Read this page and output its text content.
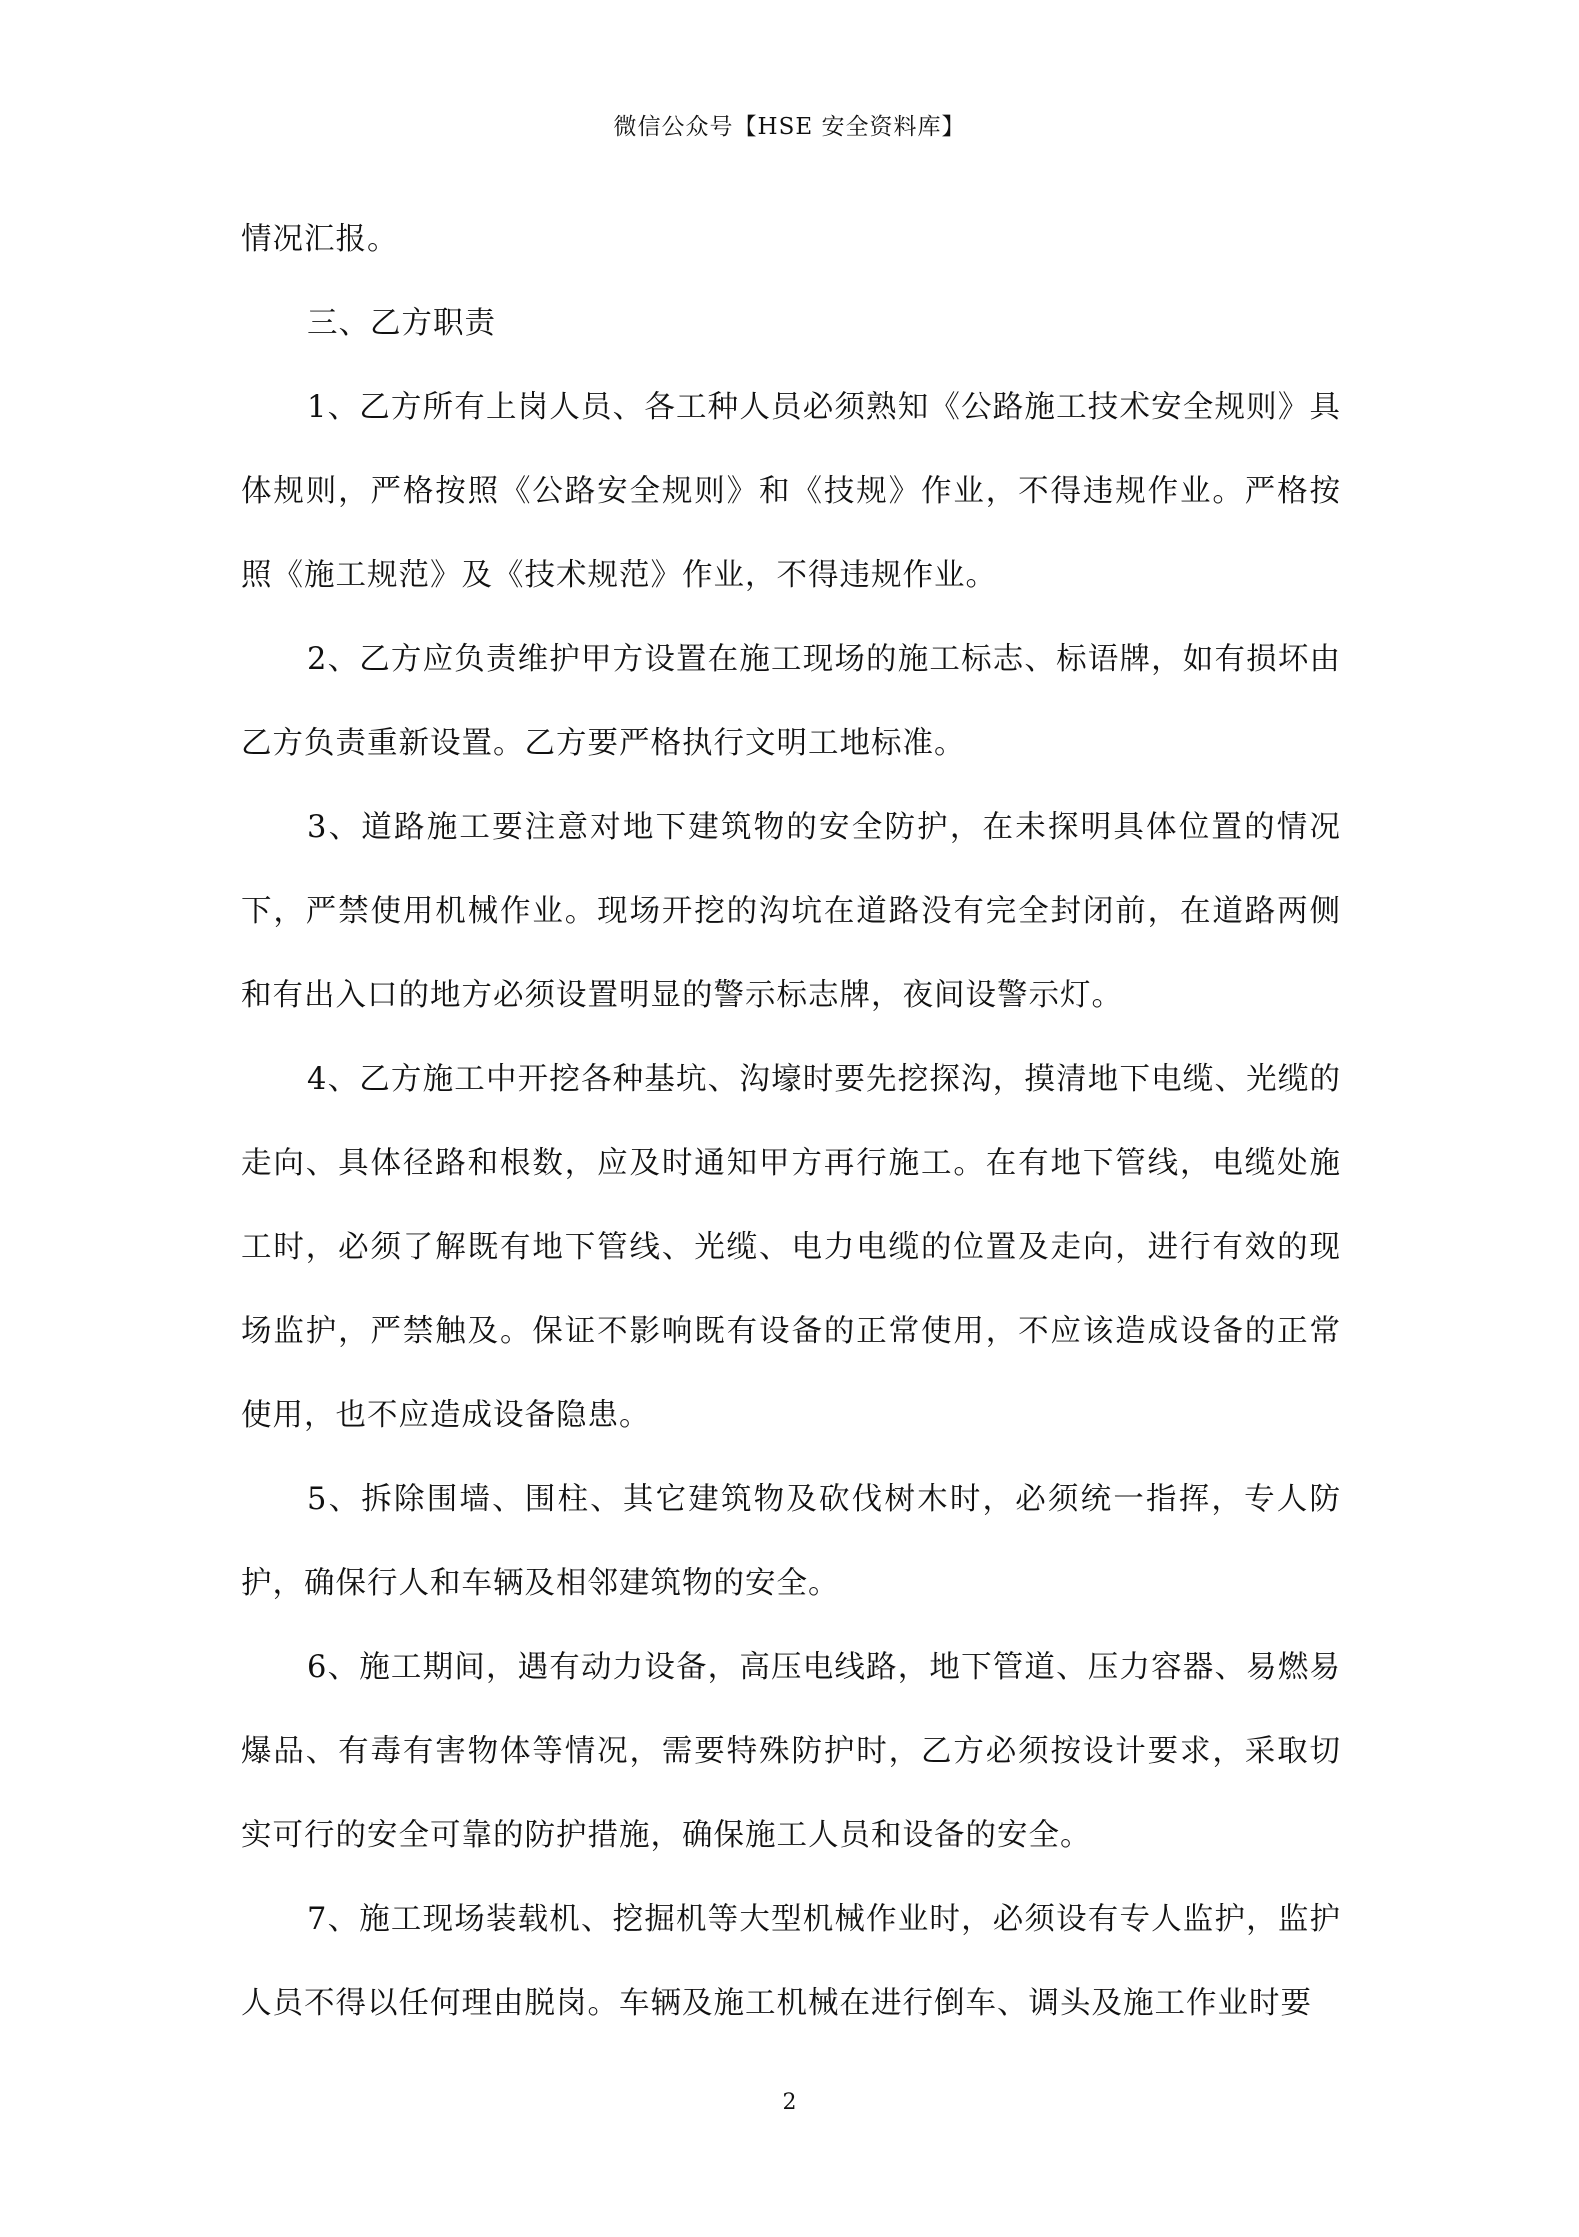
微信公众号【HSE 安全资料库】

情况汇报。

三、乙方职责

1、乙方所有上岗人员、各工种人员必须熟知《公路施工技术安全规则》具体规则，严格按照《公路安全规则》和《技规》作业，不得违规作业。严格按照《施工规范》及《技术规范》作业，不得违规作业。

2、乙方应负责维护甲方设置在施工现场的施工标志、标语牌，如有损坏由乙方负责重新设置。乙方要严格执行文明工地标准。

3、道路施工要注意对地下建筑物的安全防护，在未探明具体位置的情况下，严禁使用机械作业。现场开挖的沟坑在道路没有完全封闭前，在道路两侧和有出入口的地方必须设置明显的警示标志牌，夜间设警示灯。

4、乙方施工中开挖各种基坑、沟壕时要先挖探沟，摸清地下电缆、光缆的走向、具体径路和根数，应及时通知甲方再行施工。在有地下管线，电缆处施工时，必须了解既有地下管线、光缆、电力电缆的位置及走向，进行有效的现场监护，严禁触及。保证不影响既有设备的正常使用，不应该造成设备的正常使用，也不应造成设备隐患。

5、拆除围墙、围柱、其它建筑物及砍伐树木时，必须统一指挥，专人防护，确保行人和车辆及相邻建筑物的安全。

6、施工期间，遇有动力设备，高压电线路，地下管道、压力容器、易燃易爆品、有毒有害物体等情况，需要特殊防护时，乙方必须按设计要求，采取切实可行的安全可靠的防护措施，确保施工人员和设备的安全。

7、施工现场装载机、挖掘机等大型机械作业时，必须设有专人监护，监护人员不得以任何理由脱岗。车辆及施工机械在进行倒车、调头及施工作业时要

2
